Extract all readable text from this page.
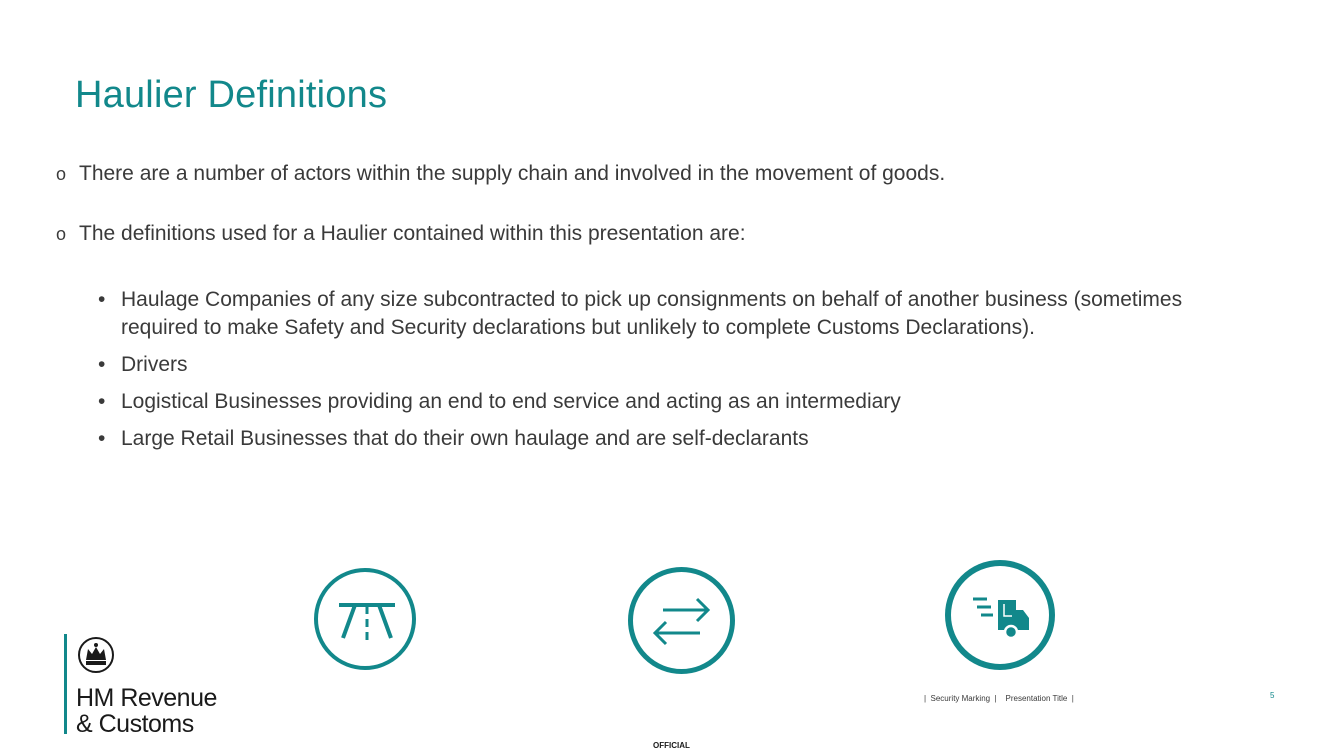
Haulier Definitions
o There are a number of actors within the supply chain and involved in the movement of goods.
o The definitions used for a Haulier contained within this presentation are:
• Haulage Companies of any size subcontracted to pick up consignments on behalf of another business (sometimes required to make Safety and Security declarations but unlikely to complete Customs Declarations).
• Drivers
• Logistical Businesses providing an end to end service and acting as an intermediary
• Large Retail Businesses that do their own haulage and are self-declarants
HM Revenue
& Customs
|  Security Marking  |    Presentation Title  |	5
OFFICIAL
